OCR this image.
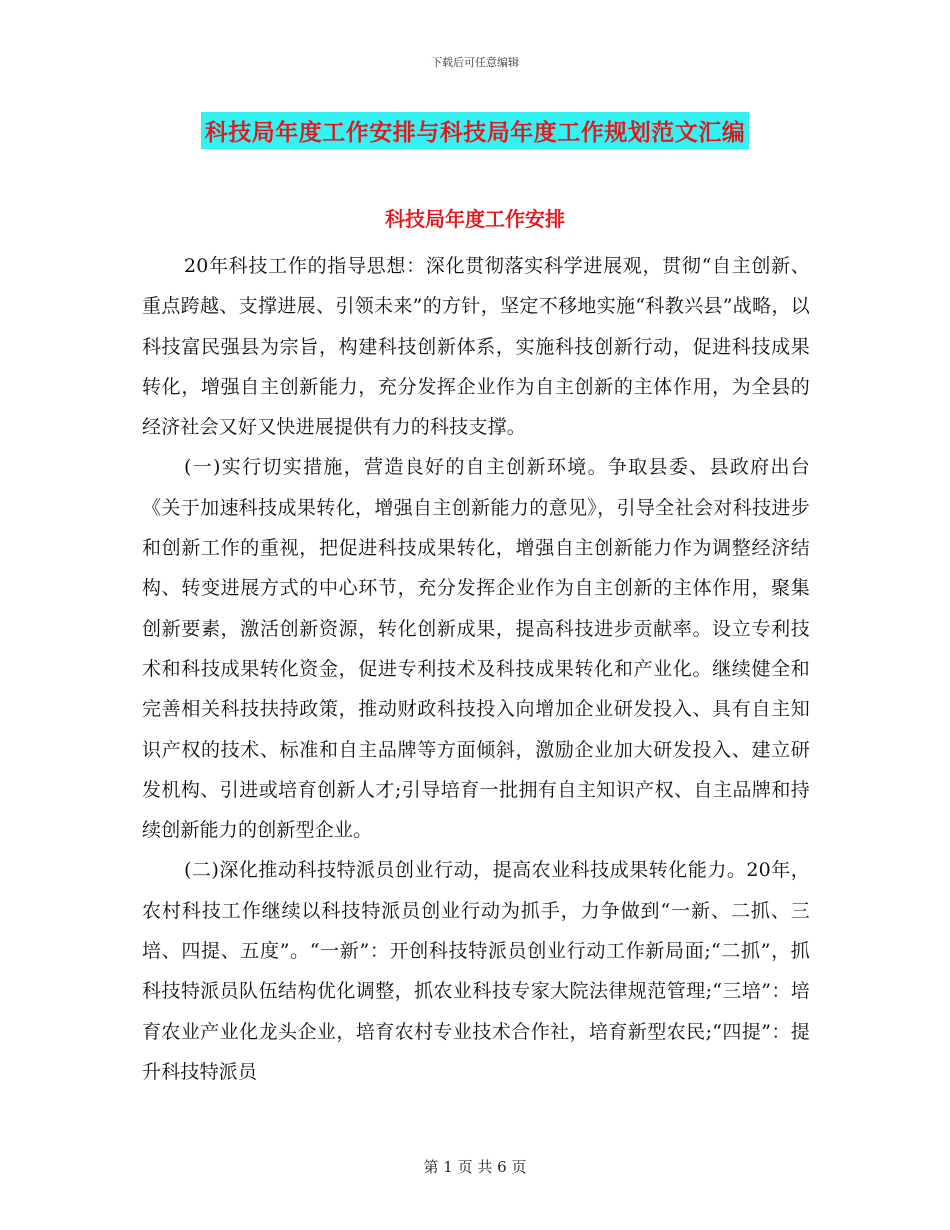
下载后可任意编辑
科技局年度工作安排与科技局年度工作规划范文汇编
科技局年度工作安排

20年科技工作的指导思想：深化贯彻落实科学进展观，贯彻“自主创新、重点跨越、支撑进展、引领未来”的方针，坚定不移地实施“科教兴县”战略，以科技富民强县为宗旨，构建科技创新体系，实施科技创新行动，促进科技成果转化，增强自主创新能力，充分发挥企业作为自主创新的主体作用，为全县的经济社会又好又快进展提供有力的科技支撑。

(一)实行切实措施，营造良好的自主创新环境。争取县委、县政府出台《关于加速科技成果转化，增强自主创新能力的意见》，引导全社会对科技进步和创新工作的重视，把促进科技成果转化，增强自主创新能力作为调整经济结构、转变进展方式的中心环节，充分发挥企业作为自主创新的主体作用，聚集创新要素，激活创新资源，转化创新成果，提高科技进步贡献率。设立专利技术和科技成果转化资金，促进专利技术及科技成果转化和产业化。继续健全和完善相关科技扶持政策，推动财政科技投入向增加企业研发投入、具有自主知识产权的技术、标准和自主品牌等方面倾斜，激励企业加大研发投入、建立研发机构、引进或培育创新人才;引导培育一批拥有自主知识产权、自主品牌和持续创新能力的创新型企业。

(二)深化推动科技特派员创业行动，提高农业科技成果转化能力。20年，农村科技工作继续以科技特派员创业行动为抓手，力争做到“一新、二抓、三培、四提、五度”。“一新”：开创科技特派员创业行动工作新局面;“二抓”，抓科技特派员队伍结构优化调整，抓农业科技专家大院法律规范管理;“三培”：培育农业产业化龙头企业，培育农村专业技术合作社，培育新型农民;“四提”：提升科技特派员

第 1 页 共 6 页
